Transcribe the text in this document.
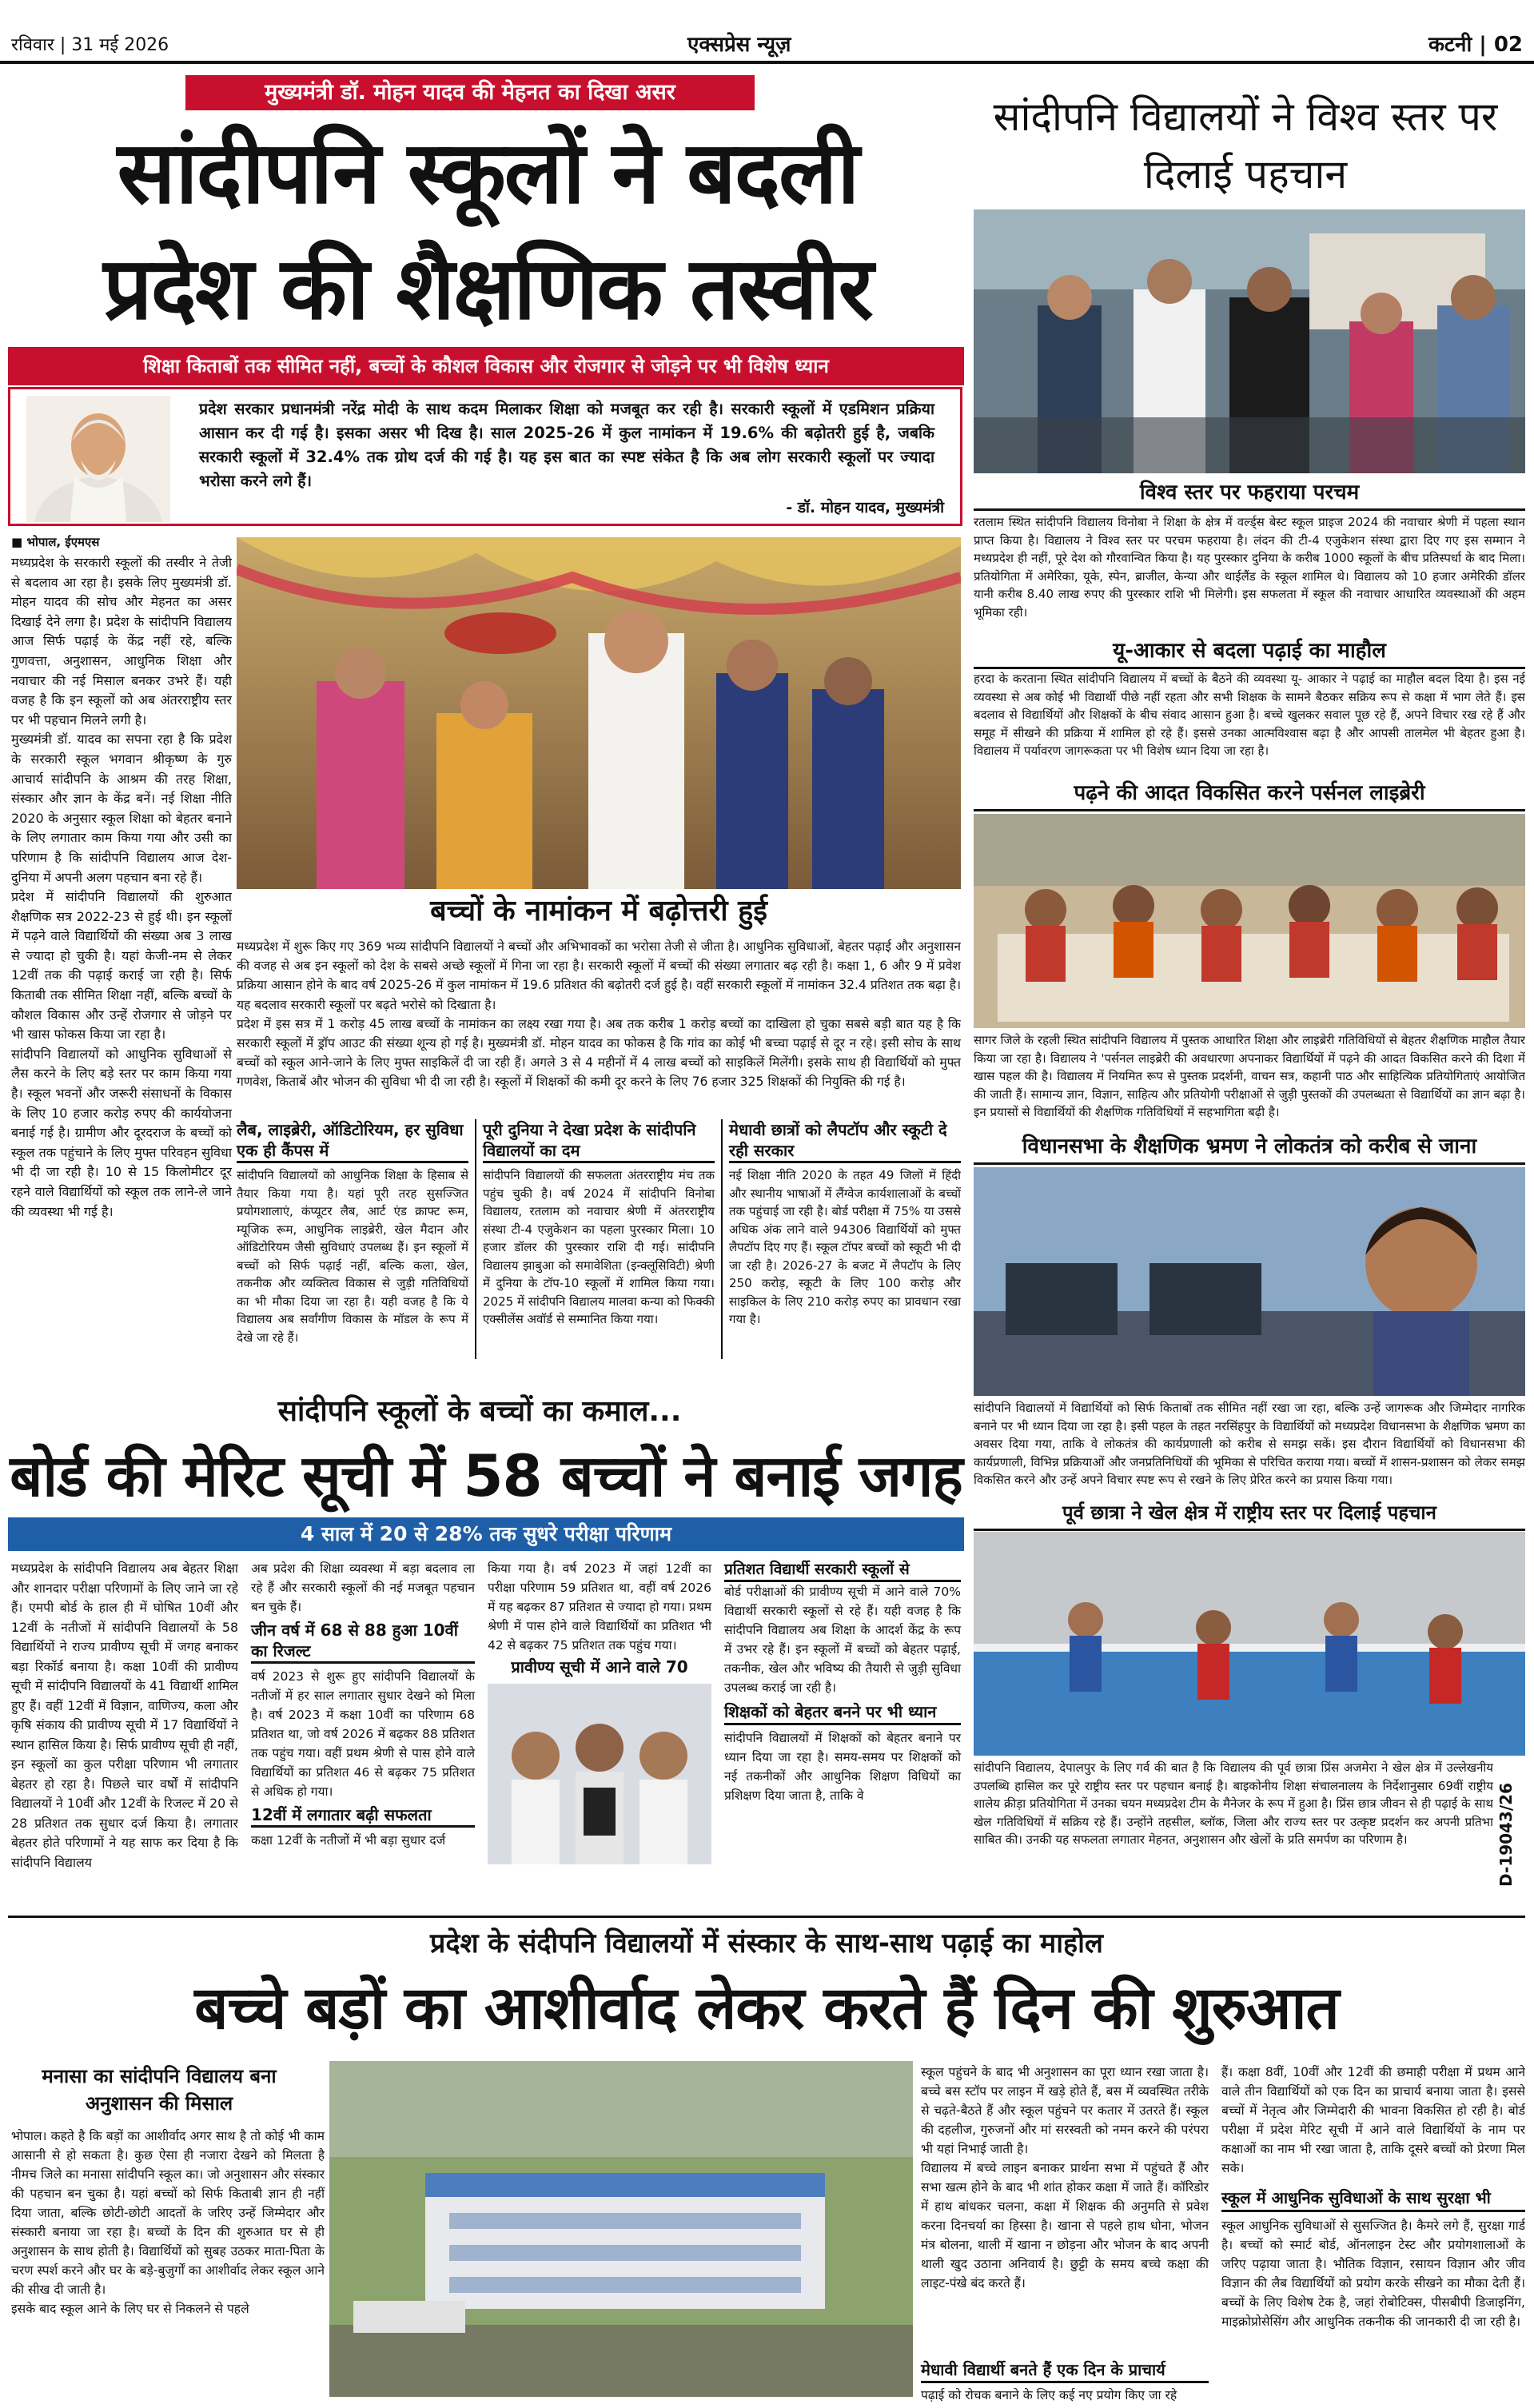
रविवार | 31 मई 2026	एक्सप्रेस न्यूज़	कटनी | 02
मुख्यमंत्री डॉ. मोहन यादव की मेहनत का दिखा असर
सांदीपनि स्कूलों ने बदली
प्रदेश की शैक्षणिक तस्वीर
शिक्षा किताबों तक सीमित नहीं, बच्चों के कौशल विकास और रोजगार से जोड़ने पर भी विशेष ध्यान

प्रदेश सरकार प्रधानमंत्री नरेंद्र मोदी के साथ कदम मिलाकर शिक्षा को मजबूत कर रही है। सरकारी स्कूलों में एडमिशन प्रक्रिया आसान कर दी गई है। इसका असर भी दिख है। साल 2025-26 में कुल नामांकन में 19.6% की बढ़ोतरी हुई है, जबकि सरकारी स्कूलों में 32.4% तक ग्रोथ दर्ज की गई है। यह इस बात का स्पष्ट संकेत है कि अब लोग सरकारी स्कूलों पर ज्यादा भरोसा करने लगे हैं।

- डॉ. मोहन यादव, मुख्यमंत्री
■ भोपाल, ईएमएस

मध्यप्रदेश के सरकारी स्कूलों की तस्वीर ने तेजी से बदलाव आ रहा है। इसके लिए मुख्यमंत्री डॉ. मोहन यादव की सोच और मेहनत का असर दिखाई देने लगा है। प्रदेश के सांदीपनि विद्यालय आज सिर्फ पढ़ाई के केंद्र नहीं रहे, बल्कि गुणवत्ता, अनुशासन, आधुनिक शिक्षा और नवाचार की नई मिसाल बनकर उभरे हैं। यही वजह है कि इन स्कूलों को अब अंतरराष्ट्रीय स्तर पर भी पहचान मिलने लगी है।
मुख्यमंत्री डॉ. यादव का सपना रहा है कि प्रदेश के सरकारी स्कूल भगवान श्रीकृष्ण के गुरु आचार्य सांदीपनि के आश्रम की तरह शिक्षा, संस्कार और ज्ञान के केंद्र बनें। नई शिक्षा नीति 2020 के अनुसार स्कूल शिक्षा को बेहतर बनाने के लिए लगातार काम किया गया और उसी का परिणाम है कि सांदीपनि विद्यालय आज देश-दुनिया में अपनी अलग पहचान बना रहे हैं।
प्रदेश में सांदीपनि विद्यालयों की शुरुआत शैक्षणिक सत्र 2022-23 से हुई थी। इन स्कूलों में पढ़ने वाले विद्यार्थियों की संख्या अब 3 लाख से ज्यादा हो चुकी है। यहां केजी-नम से लेकर 12वीं तक की पढ़ाई कराई जा रही है। सिर्फ किताबी तक सीमित शिक्षा नहीं, बल्कि बच्चों के कौशल विकास और उन्हें रोजगार से जोड़ने पर भी खास फोकस किया जा रहा है।
सांदीपनि विद्यालयों को आधुनिक सुविधाओं से लैस करने के लिए बड़े स्तर पर काम किया गया है। स्कूल भवनों और जरूरी संसाधनों के विकास के लिए 10 हजार करोड़ रुपए की कार्ययोजना बनाई गई है। ग्रामीण और दूरदराज के बच्चों को स्कूल तक पहुंचाने के लिए मुफ्त परिवहन सुविधा भी दी जा रही है। 10 से 15 किलोमीटर दूर रहने वाले विद्यार्थियों को स्कूल तक लाने-ले जाने की व्यवस्था भी गई है।

बच्चों के नामांकन में बढ़ोत्तरी हुई

मध्यप्रदेश में शुरू किए गए 369 भव्य सांदीपनि विद्यालयों ने बच्चों और अभिभावकों का भरोसा तेजी से जीता है। आधुनिक सुविधाओं, बेहतर पढ़ाई और अनुशासन की वजह से अब इन स्कूलों को देश के सबसे अच्छे स्कूलों में गिना जा रहा है। सरकारी स्कूलों में बच्चों की संख्या लगातार बढ़ रही है। कक्षा 1, 6 और 9 में प्रवेश प्रक्रिया आसान होने के बाद वर्ष 2025-26 में कुल नामांकन में 19.6 प्रतिशत की बढ़ोतरी दर्ज हुई है। वहीं सरकारी स्कूलों में नामांकन 32.4 प्रतिशत तक बढ़ा है। यह बदलाव सरकारी स्कूलों पर बढ़ते भरोसे को दिखाता है।
प्रदेश में इस सत्र में 1 करोड़ 45 लाख बच्चों के नामांकन का लक्ष्य रखा गया है। अब तक करीब 1 करोड़ बच्चों का दाखिला हो चुका सबसे बड़ी बात यह है कि सरकारी स्कूलों में ड्रॉप आउट की संख्या शून्य हो गई है। मुख्यमंत्री डॉ. मोहन यादव का फोकस है कि गांव का कोई भी बच्चा पढ़ाई से दूर न रहे। इसी सोच के साथ बच्चों को स्कूल आने-जाने के लिए मुफ्त साइकिलें दी जा रही हैं। अगले 3 से 4 महीनों में 4 लाख बच्चों को साइकिलें मिलेंगी। इसके साथ ही विद्यार्थियों को मुफ्त गणवेश, किताबें और भोजन की सुविधा भी दी जा रही है। स्कूलों में शिक्षकों की कमी दूर करने के लिए 76 हजार 325 शिक्षकों की नियुक्ति की गई है।

लैब, लाइब्रेरी, ऑडिटोरियम, हर सुविधा एक ही कैंपस में

सांदीपनि विद्यालयों को आधुनिक शिक्षा के हिसाब से तैयार किया गया है। यहां पूरी तरह सुसज्जित प्रयोगशालाएं, कंप्यूटर लैब, आर्ट एंड क्राफ्ट रूम, म्यूजिक रूम, आधुनिक लाइब्रेरी, खेल मैदान और ऑडिटोरियम जैसी सुविधाएं उपलब्ध हैं। इन स्कूलों में बच्चों को सिर्फ पढ़ाई नहीं, बल्कि कला, खेल, तकनीक और व्यक्तित्व विकास से जुड़ी गतिविधियों का भी मौका दिया जा रहा है। यही वजह है कि ये विद्यालय अब सर्वांगीण विकास के मॉडल के रूप में देखे जा रहे हैं।

पूरी दुनिया ने देखा प्रदेश के सांदीपनि विद्यालयों का दम

सांदीपनि विद्यालयों की सफलता अंतरराष्ट्रीय मंच तक पहुंच चुकी है। वर्ष 2024 में सांदीपनि विनोबा विद्यालय, रतलाम को नवाचार श्रेणी में अंतरराष्ट्रीय संस्था टी-4 एजुकेशन का पहला पुरस्कार मिला। 10 हजार डॉलर की पुरस्कार राशि दी गई। सांदीपनि विद्यालय झाबुआ को समावेशिता (इन्क्लूसिविटी) श्रेणी में दुनिया के टॉप-10 स्कूलों में शामिल किया गया। 2025 में सांदीपनि विद्यालय मालवा कन्या को फिक्की एक्सीलेंस अवॉर्ड से सम्मानित किया गया।

मेधावी छात्रों को लैपटॉप और स्कूटी दे रही सरकार

नई शिक्षा नीति 2020 के तहत 49 जिलों में हिंदी और स्थानीय भाषाओं में लैंग्वेज कार्यशालाओं के बच्चों तक पहुंचाई जा रही है। बोर्ड परीक्षा में 75% या उससे अधिक अंक लाने वाले 94306 विद्यार्थियों को मुफ्त लैपटॉप दिए गए हैं। स्कूल टॉपर बच्चों को स्कूटी भी दी जा रही है। 2026-27 के बजट में लैपटॉप के लिए 250 करोड़, स्कूटी के लिए 100 करोड़ और साइकिल के लिए 210 करोड़ रुपए का प्रावधान रखा गया है।

सांदीपनि विद्यालयों ने विश्व स्तर पर दिलाई पहचान
विश्व स्तर पर फहराया परचम

रतलाम स्थित सांदीपनि विद्यालय विनोबा ने शिक्षा के क्षेत्र में वर्ल्ड्स बेस्ट स्कूल प्राइज 2024 की नवाचार श्रेणी में पहला स्थान प्राप्त किया है। विद्यालय ने विश्व स्तर पर परचम फहराया है। लंदन की टी-4 एजुकेशन संस्था द्वारा दिए गए इस सम्मान ने मध्यप्रदेश ही नहीं, पूरे देश को गौरवान्वित किया है। यह पुरस्कार दुनिया के करीब 1000 स्कूलों के बीच प्रतिस्पर्धा के बाद मिला। प्रतियोगिता में अमेरिका, यूके, स्पेन, ब्राजील, केन्या और थाईलैंड के स्कूल शामिल थे। विद्यालय को 10 हजार अमेरिकी डॉलर यानी करीब 8.40 लाख रुपए की पुरस्कार राशि भी मिलेगी। इस सफलता में स्कूल की नवाचार आधारित व्यवस्थाओं की अहम भूमिका रही।

यू-आकार से बदला पढ़ाई का माहौल

हरदा के करताना स्थित सांदीपनि विद्यालय में बच्चों के बैठने की व्यवस्था यू- आकार ने पढ़ाई का माहौल बदल दिया है। इस नई व्यवस्था से अब कोई भी विद्यार्थी पीछे नहीं रहता और सभी शिक्षक के सामने बैठकर सक्रिय रूप से कक्षा में भाग लेते हैं। इस बदलाव से विद्यार्थियों और शिक्षकों के बीच संवाद आसान हुआ है। बच्चे खुलकर सवाल पूछ रहे हैं, अपने विचार रख रहे हैं और समूह में सीखने की प्रक्रिया में शामिल हो रहे हैं। इससे उनका आत्मविश्वास बढ़ा है और आपसी तालमेल भी बेहतर हुआ है। विद्यालय में पर्यावरण जागरूकता पर भी विशेष ध्यान दिया जा रहा है।

पढ़ने की आदत विकसित करने पर्सनल लाइब्रेरी

सागर जिले के रहली स्थित सांदीपनि विद्यालय में पुस्तक आधारित शिक्षा और लाइब्रेरी गतिविधियों से बेहतर शैक्षणिक माहौल तैयार किया जा रहा है। विद्यालय ने 'पर्सनल लाइब्रेरी की अवधारणा अपनाकर विद्यार्थियों में पढ़ने की आदत विकसित करने की दिशा में खास पहल की है। विद्यालय में नियमित रूप से पुस्तक प्रदर्शनी, वाचन सत्र, कहानी पाठ और साहित्यिक प्रतियोगिताएं आयोजित की जाती हैं। सामान्य ज्ञान, विज्ञान, साहित्य और प्रतियोगी परीक्षाओं से जुड़ी पुस्तकों की उपलब्धता से विद्यार्थियों का ज्ञान बढ़ा है। इन प्रयासों से विद्यार्थियों की शैक्षणिक गतिविधियों में सहभागिता बढ़ी है।

विधानसभा के शैक्षणिक भ्रमण ने लोकतंत्र को करीब से जाना

सांदीपनि विद्यालयों में विद्यार्थियों को सिर्फ किताबों तक सीमित नहीं रखा जा रहा, बल्कि उन्हें जागरूक और जिम्मेदार नागरिक बनाने पर भी ध्यान दिया जा रहा है। इसी पहल के तहत नरसिंहपुर के विद्यार्थियों को मध्यप्रदेश विधानसभा के शैक्षणिक भ्रमण का अवसर दिया गया, ताकि वे लोकतंत्र की कार्यप्रणाली को करीब से समझ सकें। इस दौरान विद्यार्थियों को विधानसभा की कार्यप्रणाली, विभिन्न प्रक्रियाओं और जनप्रतिनिधियों की भूमिका से परिचित कराया गया। बच्चों में शासन-प्रशासन को लेकर समझ विकसित करने और उन्हें अपने विचार स्पष्ट रूप से रखने के लिए प्रेरित करने का प्रयास किया गया।

पूर्व छात्रा ने खेल क्षेत्र में राष्ट्रीय स्तर पर दिलाई पहचान

सांदीपनि विद्यालय, देपालपुर के लिए गर्व की बात है कि विद्यालय की पूर्व छात्रा प्रिंस अजमेरा ने खेल क्षेत्र में उल्लेखनीय उपलब्धि हासिल कर पूरे राष्ट्रीय स्तर पर पहचान बनाई है। बाइकोनीय शिक्षा संचालनालय के निर्देशानुसार 69वीं राष्ट्रीय शालेय क्रीड़ा प्रतियोगिता में उनका चयन मध्यप्रदेश टीम के मैनेजर के रूप में हुआ है। प्रिंस छात्र जीवन से ही पढ़ाई के साथ खेल गतिविधियों में सक्रिय रहे हैं। उन्होंने तहसील, ब्लॉक, जिला और राज्य स्तर पर उत्कृष्ट प्रदर्शन कर अपनी प्रतिभा साबित की। उनकी यह सफलता लगातार मेहनत, अनुशासन और खेलों के प्रति समर्पण का परिणाम है।	D-19043/26
सांदीपनि स्कूलों के बच्चों का कमाल...
बोर्ड की मेरिट सूची में 58 बच्चों ने बनाई जगह
4 साल में 20 से 28% तक सुधरे परीक्षा परिणाम

मध्यप्रदेश के सांदीपनि विद्यालय अब बेहतर शिक्षा और शानदार परीक्षा परिणामों के लिए जाने जा रहे हैं। एमपी बोर्ड के हाल ही में घोषित 10वीं और 12वीं के नतीजों में सांदीपनि विद्यालयों के 58 विद्यार्थियों ने राज्य प्रावीण्य सूची में जगह बनाकर बड़ा रिकॉर्ड बनाया है। कक्षा 10वीं की प्रावीण्य सूची में सांदीपनि विद्यालयों के 41 विद्यार्थी शामिल हुए हैं। वहीं 12वीं में विज्ञान, वाणिज्य, कला और कृषि संकाय की प्रावीण्य सूची में 17 विद्यार्थियों ने स्थान हासिल किया है। सिर्फ प्रावीण्य सूची ही नहीं, इन स्कूलों का कुल परीक्षा परिणाम भी लगातार बेहतर हो रहा है। पिछले चार वर्षों में सांदीपनि विद्यालयों ने 10वीं और 12वीं के रिजल्ट में 20 से 28 प्रतिशत तक सुधार दर्ज किया है। लगातार बेहतर होते परिणामों ने यह साफ कर दिया है कि सांदीपनि विद्यालय

अब प्रदेश की शिक्षा व्यवस्था में बड़ा बदलाव ला रहे हैं और सरकारी स्कूलों की नई मजबूत पहचान बन चुके हैं।

जीन वर्ष में 68 से 88 हुआ 10वीं का रिजल्ट

वर्ष 2023 से शुरू हुए सांदीपनि विद्यालयों के नतीजों में हर साल लगातार सुधार देखने को मिला है। वर्ष 2023 में कक्षा 10वीं का परिणाम 68 प्रतिशत था, जो वर्ष 2026 में बढ़कर 88 प्रतिशत तक पहुंच गया। वहीं प्रथम श्रेणी से पास होने वाले विद्यार्थियों का प्रतिशत 46 से बढ़कर 75 प्रतिशत से अधिक हो गया।

12वीं में लगातार बढ़ी सफलता

कक्षा 12वीं के नतीजों में भी बड़ा सुधार दर्ज

किया गया है। वर्ष 2023 में जहां 12वीं का परीक्षा परिणाम 59 प्रतिशत था, वहीं वर्ष 2026 में यह बढ़कर 87 प्रतिशत से ज्यादा हो गया। प्रथम श्रेणी में पास होने वाले विद्यार्थियों का प्रतिशत भी 42 से बढ़कर 75 प्रतिशत तक पहुंच गया।

प्रावीण्य सूची में आने वाले 70
प्रतिशत विद्यार्थी सरकारी स्कूलों से

बोर्ड परीक्षाओं की प्रावीण्य सूची में आने वाले 70% विद्यार्थी सरकारी स्कूलों से रहे हैं। यही वजह है कि सांदीपनि विद्यालय अब शिक्षा के आदर्श केंद्र के रूप में उभर रहे हैं। इन स्कूलों में बच्चों को बेहतर पढ़ाई, तकनीक, खेल और भविष्य की तैयारी से जुड़ी सुविधा उपलब्ध कराई जा रही है।

शिक्षकों को बेहतर बनने पर भी ध्यान

सांदीपनि विद्यालयों में शिक्षकों को बेहतर बनाने पर ध्यान दिया जा रहा है। समय-समय पर शिक्षकों को नई तकनीकों और आधुनिक शिक्षण विधियों का प्रशिक्षण दिया जाता है, ताकि वे

प्रदेश के संदीपनि विद्यालयों में संस्कार के साथ-साथ पढ़ाई का माहोल
बच्चे बड़ों का आशीर्वाद लेकर करते हैं दिन की शुरुआत
मनासा का सांदीपनि विद्यालय बना अनुशासन की मिसाल

भोपाल। कहते है कि बड़ों का आशीर्वाद अगर साथ है तो कोई भी काम आसानी से हो सकता है। कुछ ऐसा ही नजारा देखने को मिलता है नीमच जिले का मनासा सांदीपनि स्कूल का। जो अनुशासन और संस्कार की पहचान बन चुका है। यहां बच्चों को सिर्फ किताबी ज्ञान ही नहीं दिया जाता, बल्कि छोटी-छोटी आदतों के जरिए उन्हें जिम्मेदार और संस्कारी बनाया जा रहा है। बच्चों के दिन की शुरुआत घर से ही अनुशासन के साथ होती है। विद्यार्थियों को सुबह उठकर माता-पिता के चरण स्पर्श करने और घर के बड़े-बुजुर्गों का आशीर्वाद लेकर स्कूल आने की सीख दी जाती है।
इसके बाद स्कूल आने के लिए घर से निकलने से पहले

स्कूल पहुंचने के बाद भी अनुशासन का पूरा ध्यान रखा जाता है। बच्चे बस स्टॉप पर लाइन में खड़े होते हैं, बस में व्यवस्थित तरीके से चढ़ते-बैठते हैं और स्कूल पहुंचने पर कतार में उतरते हैं। स्कूल की दहलीज, गुरुजनों और मां सरस्वती को नमन करने की परंपरा भी यहां निभाई जाती है।
विद्यालय में बच्चे लाइन बनाकर प्रार्थना सभा में पहुंचते हैं और सभा खत्म होने के बाद भी शांत होकर कक्षा में जाते हैं। कॉरिडोर में हाथ बांधकर चलना, कक्षा में शिक्षक की अनुमति से प्रवेश करना दिनचर्या का हिस्सा है। खाना से पहले हाथ धोना, भोजन मंत्र बोलना, थाली में खाना न छोड़ना और भोजन के बाद अपनी थाली खुद उठाना अनिवार्य है। छुट्टी के समय बच्चे कक्षा की लाइट-पंखे बंद करते हैं।

मेधावी विद्यार्थी बनते हैं एक दिन के प्राचार्य

पढ़ाई को रोचक बनाने के लिए कई नए प्रयोग किए जा रहे

हैं। कक्षा 8वीं, 10वीं और 12वीं की छमाही परीक्षा में प्रथम आने वाले तीन विद्यार्थियों को एक दिन का प्राचार्य बनाया जाता है। इससे बच्चों में नेतृत्व और जिम्मेदारी की भावना विकसित हो रही है। बोर्ड परीक्षा में प्रदेश मेरिट सूची में आने वाले विद्यार्थियों के नाम पर कक्षाओं का नाम भी रखा जाता है, ताकि दूसरे बच्चों को प्रेरणा मिल सके।

स्कूल में आधुनिक सुविधाओं के साथ सुरक्षा भी

स्कूल आधुनिक सुविधाओं से सुसज्जित है। कैमरे लगे हैं, सुरक्षा गार्ड है। बच्चों को स्मार्ट बोर्ड, ऑनलाइन टेस्ट और प्रयोगशालाओं के जरिए पढ़ाया जाता है। भौतिक विज्ञान, रसायन विज्ञान और जीव विज्ञान की लैब विद्यार्थियों को प्रयोग करके सीखने का मौका देती हैं। बच्चों के लिए विशेष टेक है, जहां रोबोटिक्स, पीसबीपी डिजाइनिंग, माइक्रोप्रोसेसिंग और आधुनिक तकनीक की जानकारी दी जा रही है।
